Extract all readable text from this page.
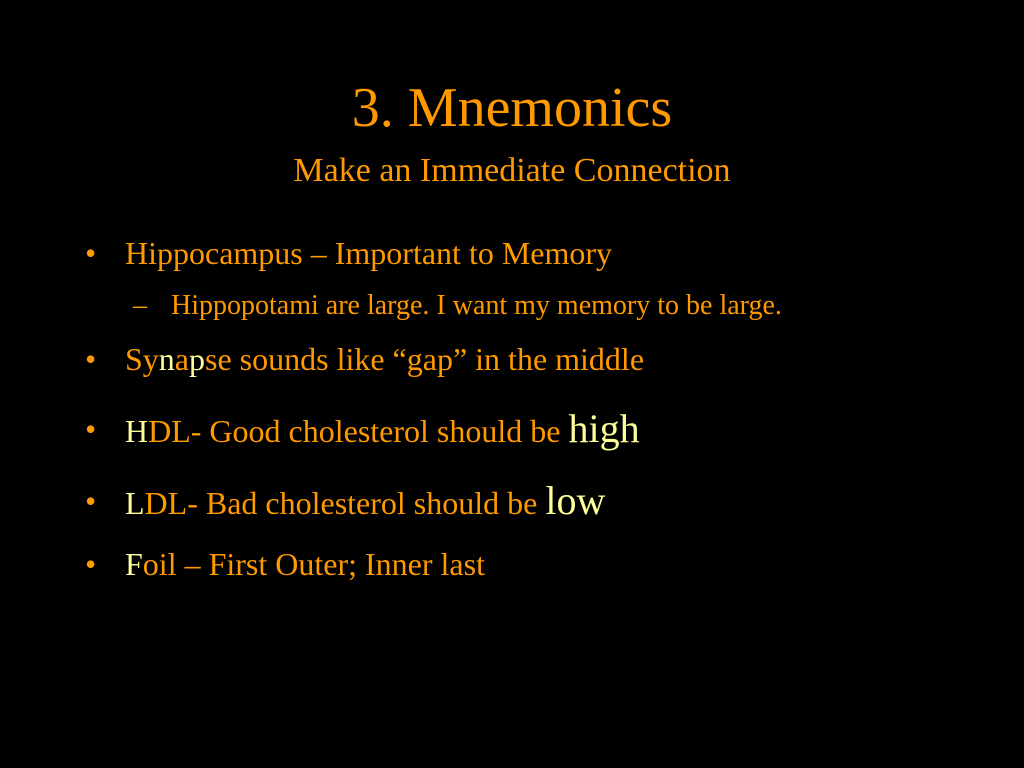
3. Mnemonics
Make an Immediate Connection
• Hippocampus – Important to Memory
– Hippopotami are large. I want my memory to be large.
• Synapse sounds like “gap” in the middle
• HDL- Good cholesterol should be high
• LDL- Bad cholesterol should be low
• Foil – First Outer; Inner last
